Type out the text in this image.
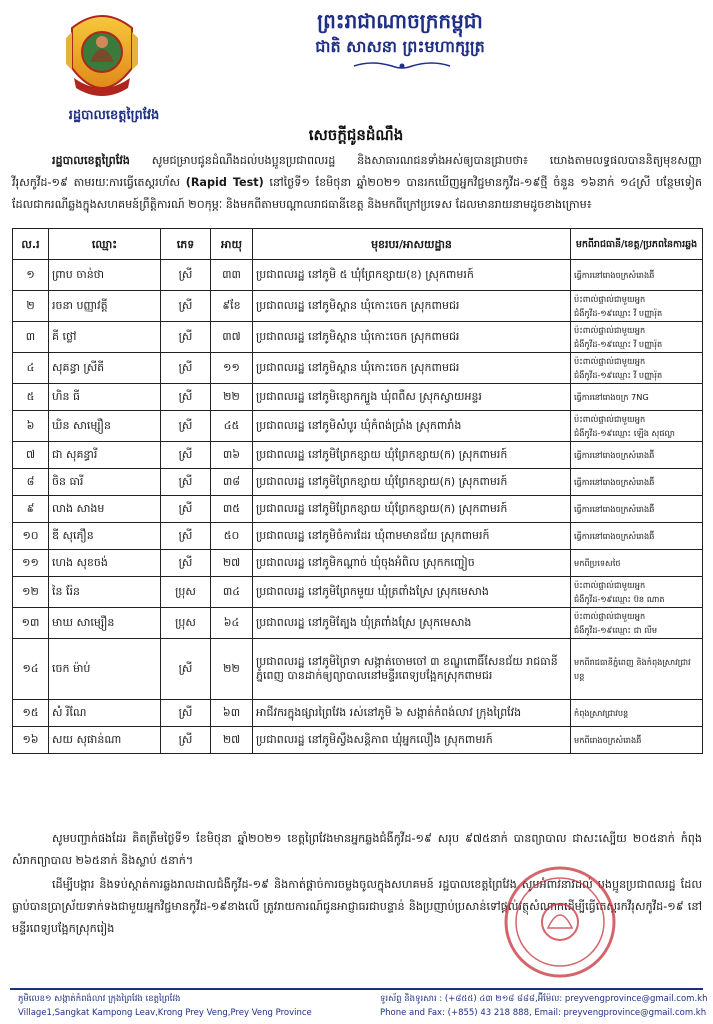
រដ្ឋបាលខេត្តព្រៃវែង
ព្រះរាជាណាចក្រកម្ពុជា
ជាតិ សាសនា ព្រះមហាក្សត្រ
សេចក្តីជូនដំណឹង
រដ្ឋបាលខេត្តព្រៃវែង សូមជម្រាបជូនដំណឹងដល់បងប្អូនប្រជាពលរដ្ឋ និងសាធារណជនទាំងអស់ឲ្យបានជ្រាបថា៖ យោងតាមលទ្ធផលបាននិត្យមុខសញ្ញាវីរុសកូវីដ-១៩ តាមរយៈការធ្វើតេស្តរហ័ស (Rapid Test) នៅថ្ងៃទី១ ខែមិថុនា ឆ្នាំ២០២១ បានរកឃើញអ្នកវិជ្ជមានកូវីដ-១៩ថ្មី ចំនួន ១៦នាក់ ១៤ស្រី បន្ថែមទៀត ដែលជាករណីឆ្លងក្នុងសហគមន៍ព្រឹត្តិការណ៍ ២០កុម្ភៈ និងមកពីតាមបណ្តាលរាជធានីខេត្ត និងមកពីក្រៅប្រទេស ដែលមានរាយនាមដូចខាងក្រោម៖
ល.រ	ឈ្មោះ	ភេទ	អាយុ	មុខរបរ/អាសយដ្ឋាន	មកពីរាជធានី/ខេត្ត/ប្រភពនៃការឆ្លង
១	ព្រាប ចាន់ថា	ស្រី	៣៣	ប្រជាពលរដ្ឋ នៅភូមិ ៥ ឃុំព្រែកខ្សាយ(ខ) ស្រុកពាមរក៍	ធ្វើការនៅរោងចក្រសំរោងឆ៊ី
២	រចនា បញ្ញាវត្តី	ស្រី	៩ខែ	ប្រជាពលរដ្ឋ នៅភូមិស្ពាន ឃុំកោះចេក ស្រុកពាមជរ	ប៉ះពាល់ផ្ទាល់ជាមួយអ្នកជំងឺកូវីដ-១៩ឈ្មោះ វី បញ្ញារ៉ុត
៣	គី ថ្លៅ	ស្រី	៣៧	ប្រជាពលរដ្ឋ នៅភូមិស្ពាន ឃុំកោះចេក ស្រុកពាមជរ	ប៉ះពាល់ផ្ទាល់ជាមួយអ្នកជំងឺកូវីដ-១៩ឈ្មោះ វី បញ្ញារ៉ុត
៤	សុគន្ធា ស្រីតី	ស្រី	១១	ប្រជាពលរដ្ឋ នៅភូមិស្ពាន ឃុំកោះចេក ស្រុកពាមជរ	ប៉ះពាល់ផ្ទាល់ជាមួយអ្នកជំងឺកូវីដ-១៩ឈ្មោះ វី បញ្ញារ៉ុត
៥	ហិន ធី	ស្រី	២២	ប្រជាពលរដ្ឋ នៅភូមិខ្សោកក្បួង ឃុំពពឺស ស្រុកស្វាយអន្ទរ	ធ្វើការនៅរោងចក្រ 7NG
៦	ឃិន សាម្សឿន	ស្រី	៤៥	ប្រជាពលរដ្ឋ នៅភូមិសំបូរ ឃុំកំពង់ប្រាំង ស្រុកពារាំង	ប៉ះពាល់ផ្ទាល់ជាមួយអ្នកជំងឺកូវីដ-១៩ឈ្មោះ ឡើង សុផល្លា
៧	ជា សុគន្ធារី	ស្រី	៣៦	ប្រជាពលរដ្ឋ នៅភូមិព្រែកខ្សាយ ឃុំព្រែកខ្សាយ(ក) ស្រុកពាមរក៍	ធ្វើការនៅរោងចក្រសំរោងឆ៊ី
៨	ចិន ធារី	ស្រី	៣៨	ប្រជាពលរដ្ឋ នៅភូមិព្រែកខ្សាយ ឃុំព្រែកខ្សាយ(ក) ស្រុកពាមរក៍	ធ្វើការនៅរោងចក្រសំរោងឆ៊ី
៩	លាង សាងម	ស្រី	៣៥	ប្រជាពលរដ្ឋ នៅភូមិព្រែកខ្សាយ ឃុំព្រែកខ្សាយ(ក) ស្រុកពាមរក៍	ធ្វើការនៅរោងចក្រសំរោងឆ៊ី
១០	ឌី សុភឿន	ស្រី	៥០	ប្រជាពលរដ្ឋ នៅភូមិចំការដែរ ឃុំពាមមានជ័យ ស្រុកពាមរក៍	ធ្វើការនៅរោងចក្រសំរោងឆ៊ី
១១	ហេង សុខចង់	ស្រី	២៧	ប្រជាពលរដ្ឋ នៅភូមិកណ្តាច់ ឃុំចុងអំពិល ស្រុកកញ្ជៀច	មកពីប្រទេសថៃ
១២	នៃ រ៉ែន	ប្រុស	៣៤	ប្រជាពលរដ្ឋ នៅភូមិព្រែកមួយ ឃុំត្រពាំងស្រែ ស្រុកមេសាង	ប៉ះពាល់ផ្ទាល់ជាមួយអ្នកជំងឺកូវីដ-១៩ឈ្មោះ ប៊ន ណាត
១៣	មាឃ សាម្សឿន	ប្រុស	៦៤	ប្រជាពលរដ្ឋ នៅភូមិត្បែង ឃុំត្រពាំងស្រែ ស្រុកមេសាង	ប៉ះពាល់ផ្ទាល់ជាមួយអ្នកជំងឺកូវីដ-១៩ឈ្មោះ ជា លីម
១៤	ចេក ម៉ាប់	ស្រី	២២	ប្រជាពលរដ្ឋ នៅភូមិព្រៃទា សង្កាត់ចោមចៅ ៣ ខណ្ឌពោធិ៍សែនជ័យ រាជធានីភ្នំពេញ បានដាក់ឲ្យព្យាបាលនៅមន្ទីរពេទ្យបង្អែកស្រុកពាមជរ	មកពីរាជធានីភ្នំពេញ និងកំពុងស្រាវជ្រាវបន្ត
១៥	សំ រីណែ	ស្រី	៦៣	អាជីវករក្នុងផ្សារព្រៃវែង រស់នៅភូមិ ៦ សង្កាត់កំពង់លាវ ក្រុងព្រៃវែង	កំពុងស្រាវជ្រាវបន្ត
១៦	សយ សុផាន់ណា	ស្រី	២៧	ប្រជាពលរដ្ឋ នៅភូមិស្វឹងសន្តិភាព ឃុំអ្នកលឿង ស្រុកពាមរក៍	មកពីរោងចក្រសំរោងឆ៊ី
សូមបញ្ជាក់ផងដែរ គិតត្រឹមថ្ងៃទី១ ខែមិថុនា ឆ្នាំ២០២១ ខេត្តព្រៃវែងមានអ្នកឆ្លងជំងឺកូវីដ-១៩ សរុប ៩៧៥នាក់ បានព្យាបាល ជាសះស្បើយ ២០៥នាក់ កំពុងសំរាកព្យាបាល ២៦៥នាក់ និងស្លាប់ ៥នាក់។
ដើម្បីបង្ការ និងទប់ស្កាត់ការឆ្លងរាលដាលជំងឺកូវីដ-១៩ និងកាត់ផ្តាច់ការចម្លងចូលក្នុងសហគមន៍ រដ្ឋបាលខេត្តព្រៃវែង សូមអំពាវនាវដល់ បងប្អូនប្រជាពលរដ្ឋ ដែលធ្លាប់បានប្រាស្រ័យទាក់ទងជាមួយអ្នកវិជ្ជមានកូវីដ-១៩ខាងលើ ត្រូវរាយការណ៍ជូនអាជ្ញាធរជាបន្ទាន់ និងប្រញាប់ប្រសាន់ទៅផ្តល់វត្ថុសំណាកដើម្បីធ្វើតេស្តរកវីរុសកូវីដ-១៩ នៅមន្ទីរពេទ្យបង្អែកស្រុករៀង
ភូមិលេខ១ សង្កាត់កំពង់លាវ ក្រុងព្រៃវែង ខេត្តព្រៃវែង
Village1,Sangkat Kampong Leav,Krong Prey Veng,Prey Veng Province
ទូរស័ព្ទ និងទូរសារ : (+៨៥៥) ៤៣ ២១៨ ៨៨៨,អ៊ីម៉ែល: preyvengprovince@gmail.com.kh
Phone and Fax: (+855) 43 218 888, Email: preyvengprovince@gmail.com.kh
